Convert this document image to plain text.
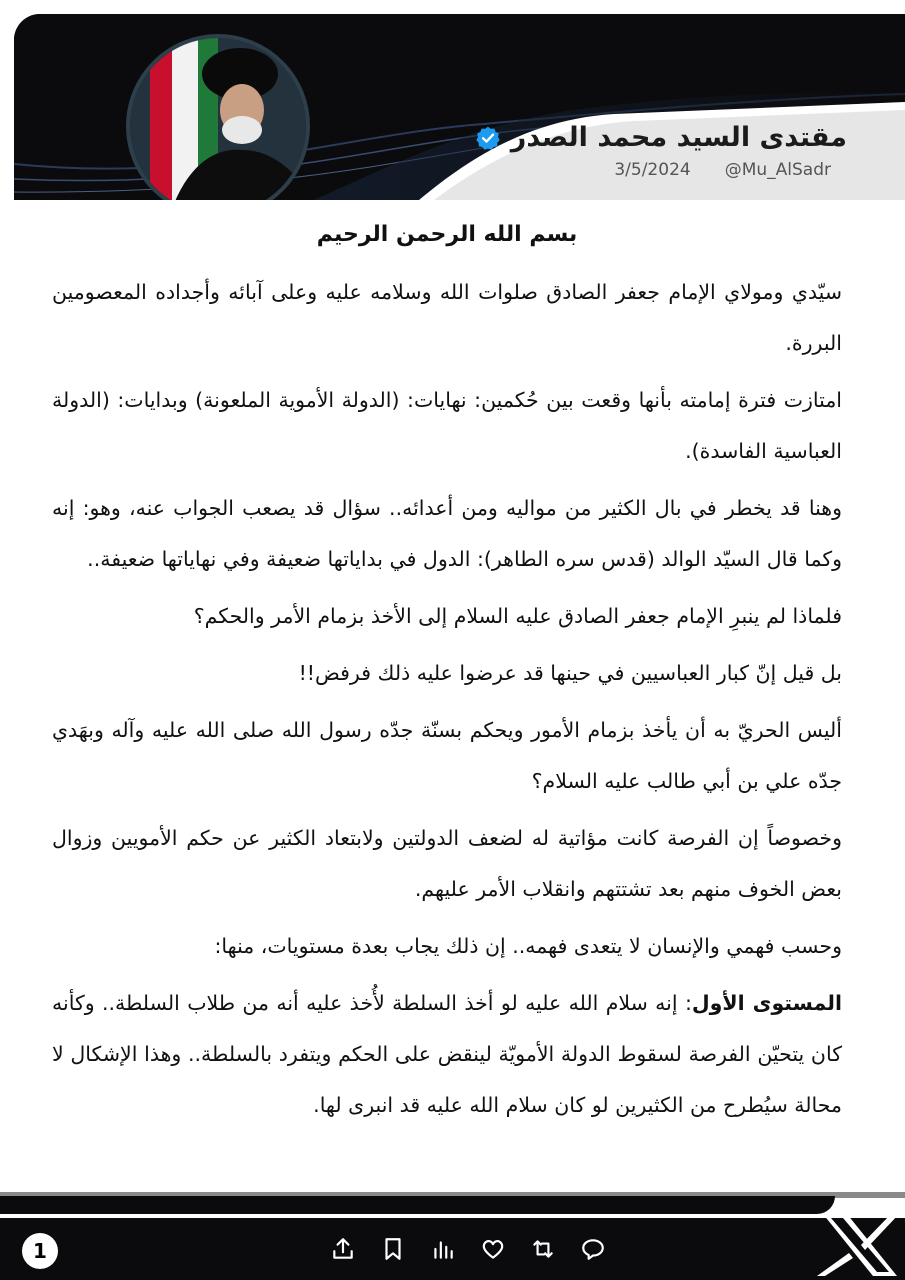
مقتدى السيد محمد الصدر
3/5/2024 @Mu_AlSadr
بسم الله الرحمن الرحيم

سيّدي ومولاي الإمام جعفر الصادق صلوات الله وسلامه عليه وعلى آبائه وأجداده المعصومين البررة.

امتازت فترة إمامته بأنها وقعت بين حُكمين: نهايات: (الدولة الأموية الملعونة) وبدايات: (الدولة العباسية الفاسدة).

وهنا قد يخطر في بال الكثير من مواليه ومن أعدائه.. سؤال قد يصعب الجواب عنه، وهو: إنه وكما قال السيّد الوالد (قدس سره الطاهر): الدول في بداياتها ضعيفة وفي نهاياتها ضعيفة..

فلماذا لم ينبرِ الإمام جعفر الصادق عليه السلام إلى الأخذ بزمام الأمر والحكم؟

بل قيل إنّ كبار العباسيين في حينها قد عرضوا عليه ذلك فرفض!!

أليس الحريّ به أن يأخذ بزمام الأمور ويحكم بسنّة جدّه رسول الله صلى الله عليه وآله وبهَدي جدّه علي بن أبي طالب عليه السلام؟

وخصوصاً إن الفرصة كانت مؤاتية له لضعف الدولتين ولابتعاد الكثير عن حكم الأمويين وزوال بعض الخوف منهم بعد تشتتهم وانقلاب الأمر عليهم.

وحسب فهمي والإنسان لا يتعدى فهمه.. إن ذلك يجاب بعدة مستويات، منها:

المستوى الأول: إنه سلام الله عليه لو أخذ السلطة لأُخذ عليه أنه من طلاب السلطة.. وكأنه كان يتحيّن الفرصة لسقوط الدولة الأمويّة لينقض على الحكم ويتفرد بالسلطة.. وهذا الإشكال لا محالة سيُطرح من الكثيرين لو كان سلام الله عليه قد انبرى لها.

1
